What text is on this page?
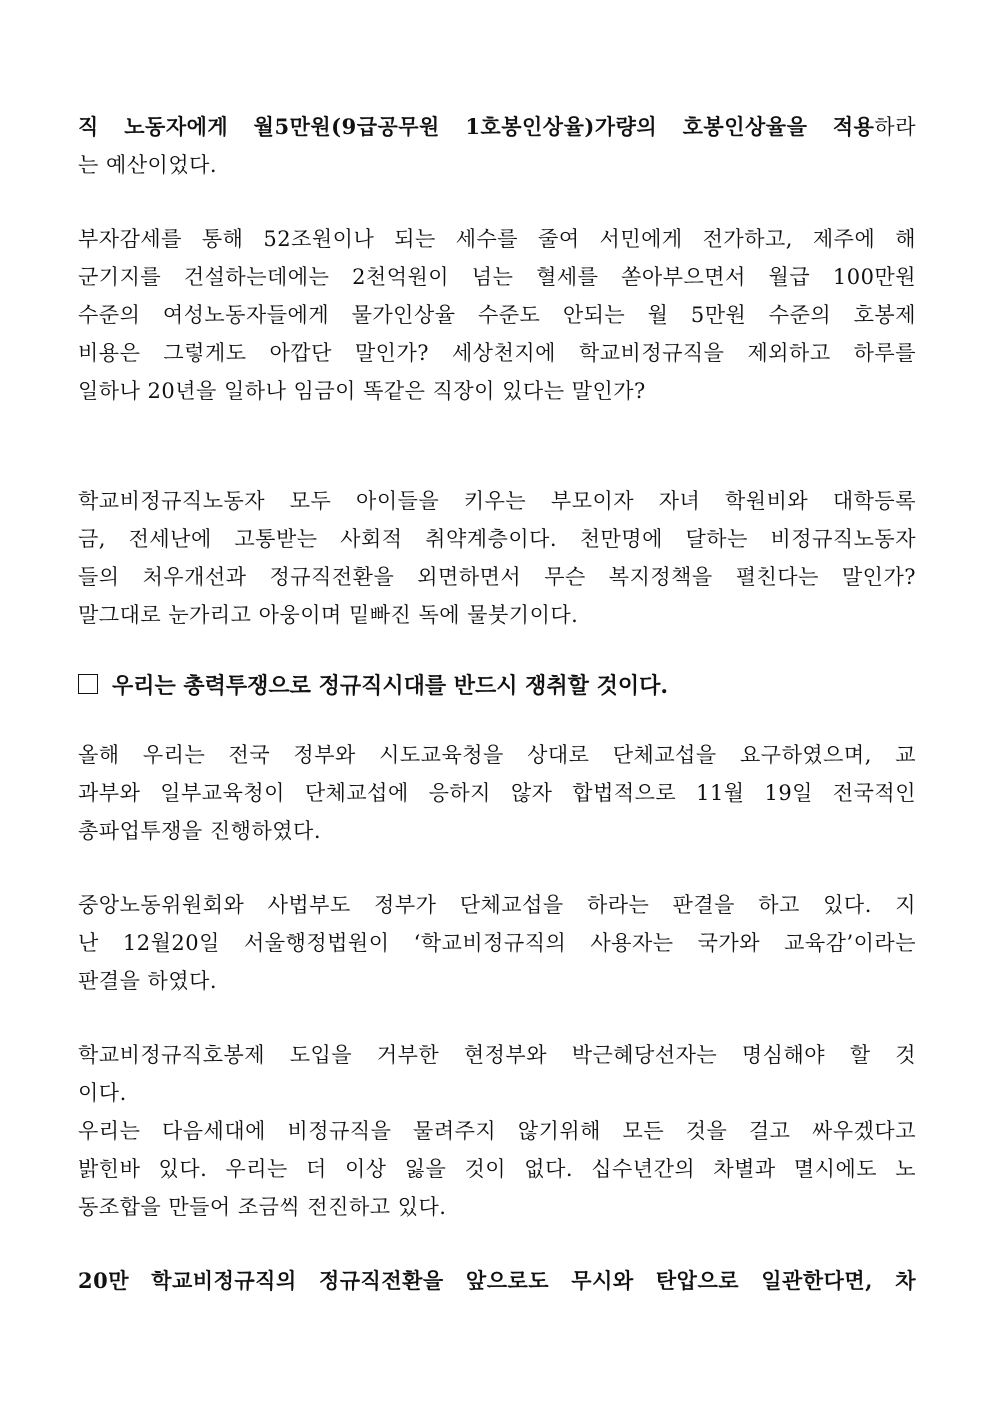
직 노동자에게 월5만원(9급공무원 1호봉인상율)가량의 호봉인상율을 적용하라
는 예산이었다.
부자감세를 통해 52조원이나 되는 세수를 줄여 서민에게 전가하고, 제주에 해
군기지를 건설하는데에는 2천억원이 넘는 혈세를 쏟아부으면서 월급 100만원
수준의 여성노동자들에게 물가인상율 수준도 안되는 월 5만원 수준의 호봉제
비용은 그렇게도 아깝단 말인가? 세상천지에 학교비정규직을 제외하고 하루를
일하나 20년을 일하나 임금이 똑같은 직장이 있다는 말인가?
학교비정규직노동자 모두 아이들을 키우는 부모이자 자녀 학원비와 대학등록
금, 전세난에 고통받는 사회적 취약계층이다. 천만명에 달하는 비정규직노동자
들의 처우개선과 정규직전환을 외면하면서 무슨 복지정책을 펼친다는 말인가?
말그대로 눈가리고 아웅이며 밑빠진 독에 물붓기이다.
우리는 총력투쟁으로 정규직시대를 반드시 쟁취할 것이다.
올해 우리는 전국 정부와 시도교육청을 상대로 단체교섭을 요구하였으며, 교
과부와 일부교육청이 단체교섭에 응하지 않자 합법적으로 11월 19일 전국적인
총파업투쟁을 진행하였다.
중앙노동위원회와 사법부도 정부가 단체교섭을 하라는 판결을 하고 있다. 지
난 12월20일 서울행정법원이 ‘학교비정규직의 사용자는 국가와 교육감’이라는
판결을 하였다.
학교비정규직호봉제 도입을 거부한 현정부와 박근혜당선자는 명심해야 할 것
이다.
우리는 다음세대에 비정규직을 물려주지 않기위해 모든 것을 걸고 싸우겠다고
밝힌바 있다. 우리는 더 이상 잃을 것이 없다. 십수년간의 차별과 멸시에도 노
동조합을 만들어 조금씩 전진하고 있다.
20만 학교비정규직의 정규직전환을 앞으로도 무시와 탄압으로 일관한다면, 차
